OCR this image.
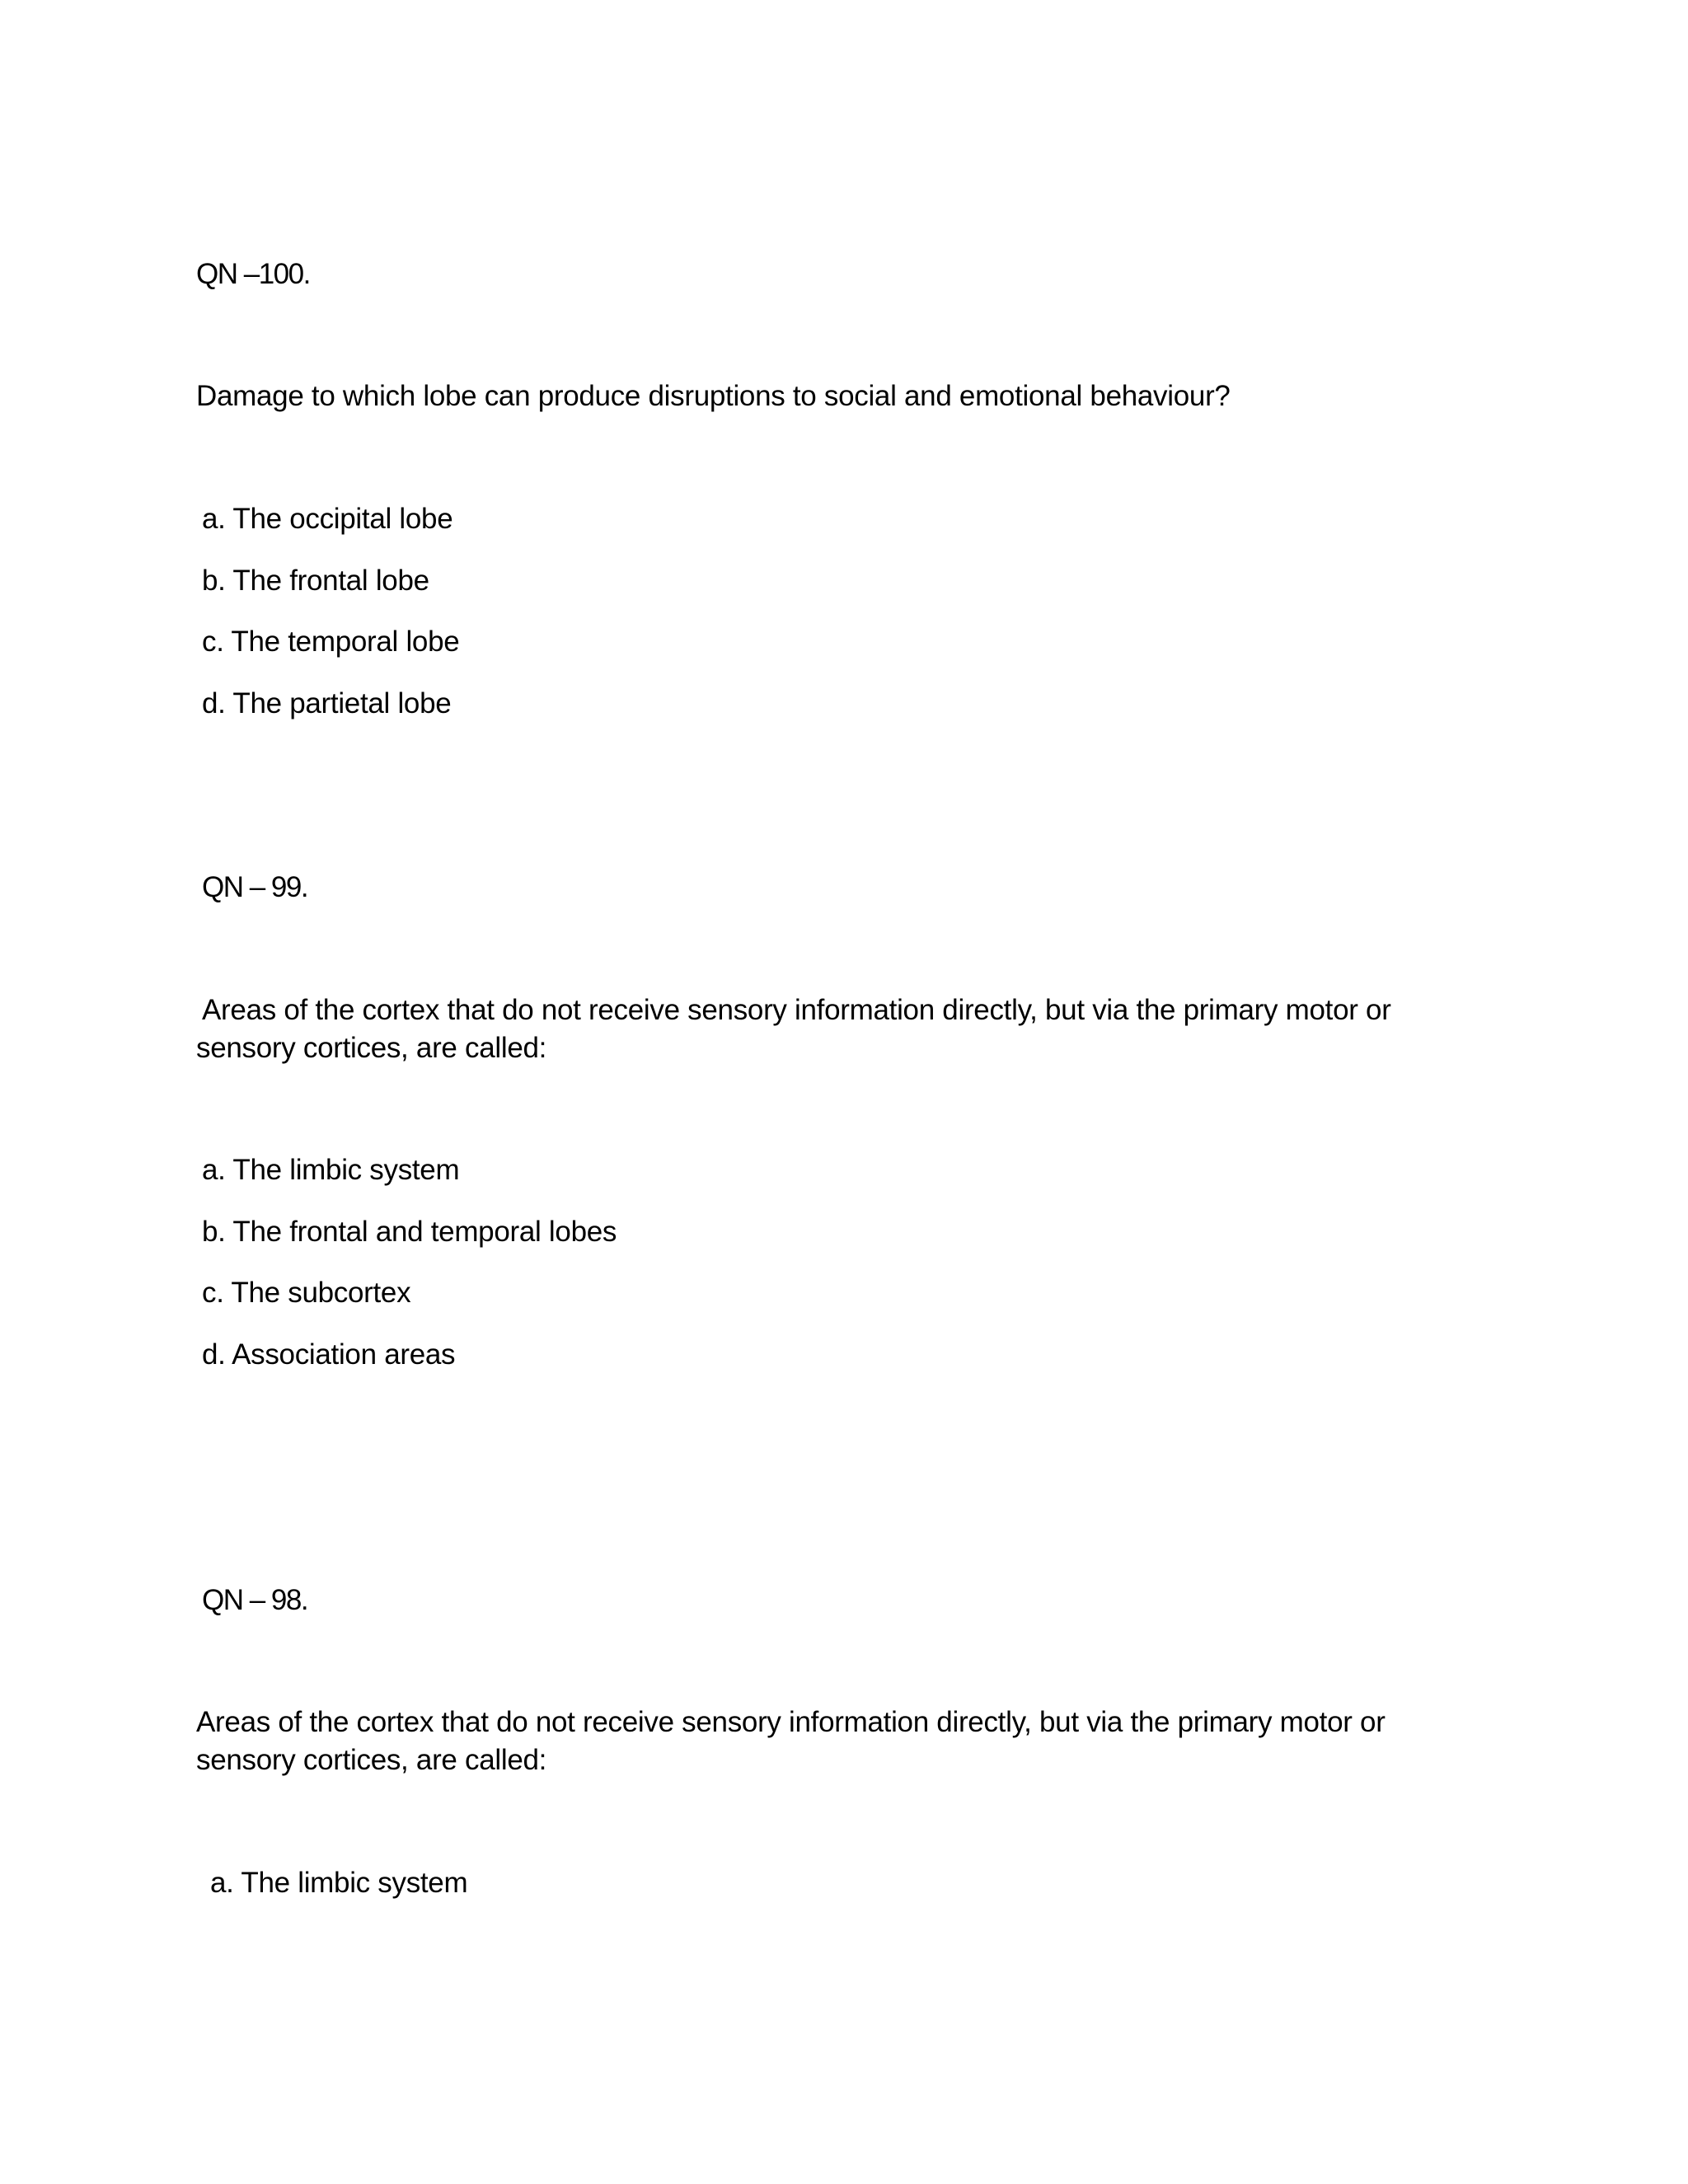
QN –100.
Damage to which lobe can produce disruptions to social and emotional behaviour?
a. The occipital lobe
b. The frontal lobe
c. The temporal lobe
d. The partietal lobe
QN – 99.
Areas of the cortex that do not receive sensory information directly, but via the primary motor or sensory cortices, are called:
a. The limbic system
b. The frontal and temporal lobes
c. The subcortex
d. Association areas
QN – 98.
Areas of the cortex that do not receive sensory information directly, but via the primary motor or sensory cortices, are called:
a. The limbic system
